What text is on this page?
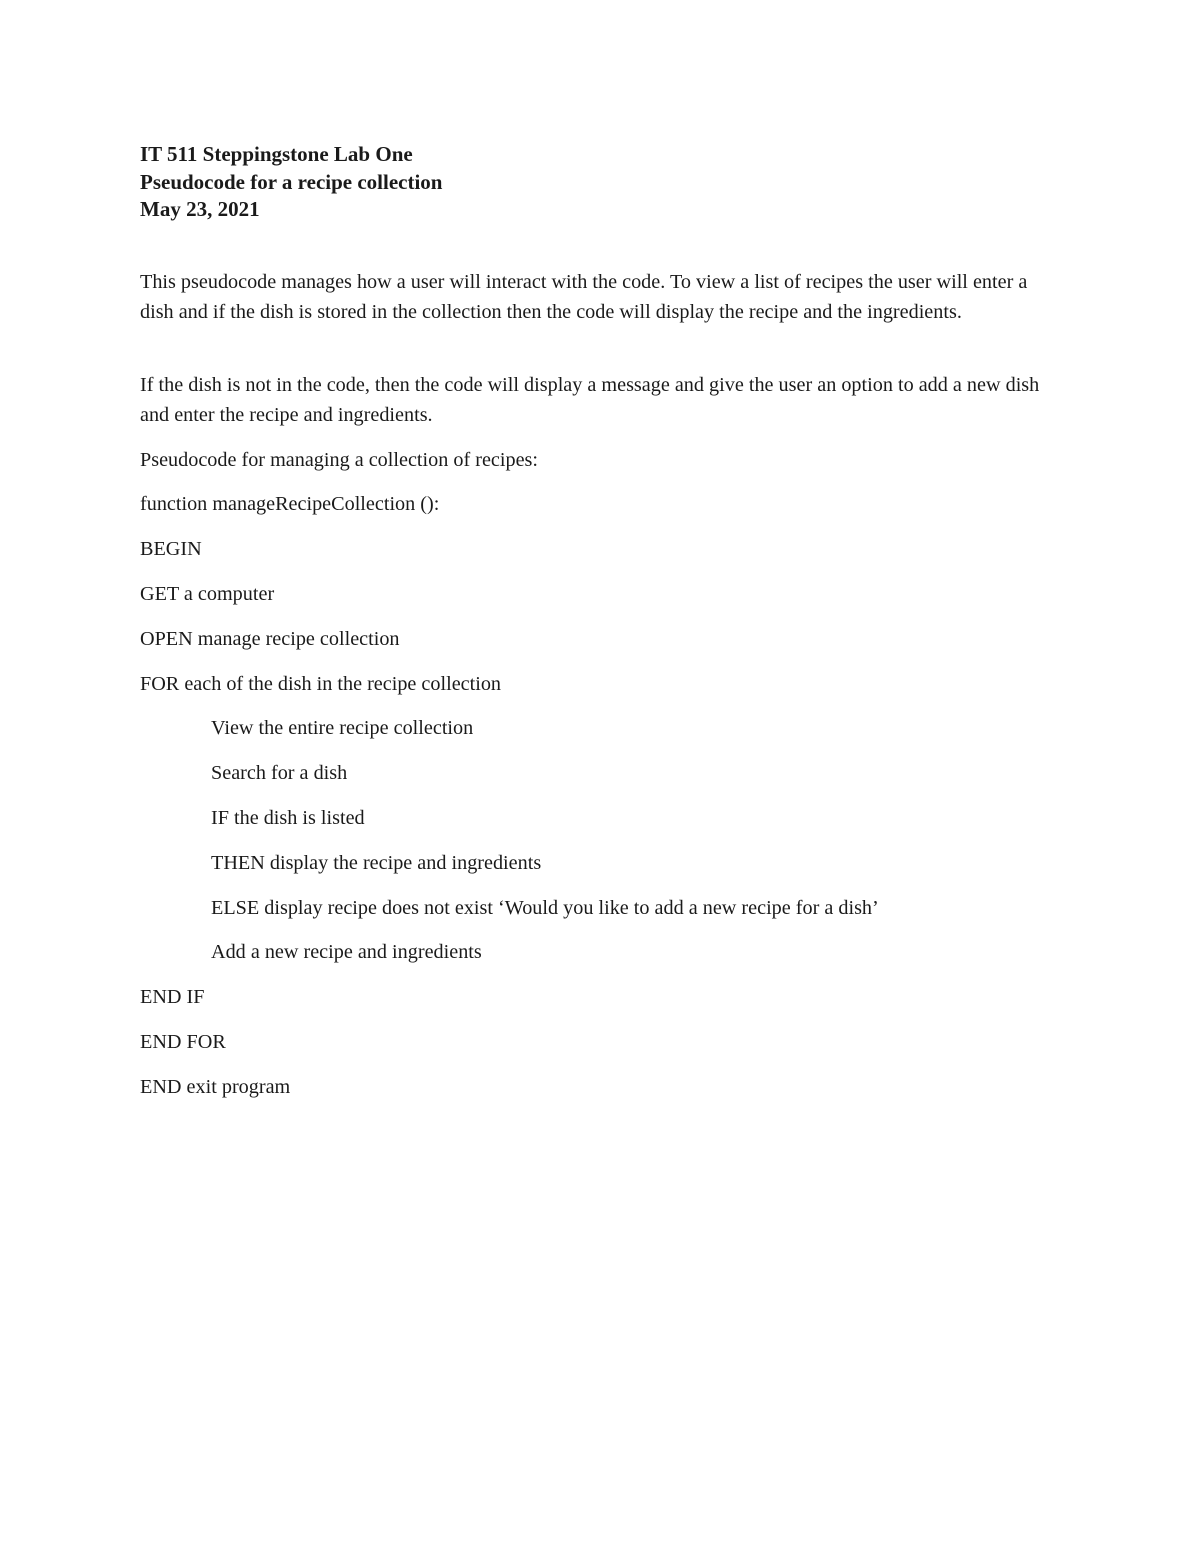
IT 511 Steppingstone Lab One
Pseudocode for a recipe collection
May 23, 2021

This pseudocode manages how a user will interact with the code. To view a list of recipes the user will enter a dish and if the dish is stored in the collection then the code will display the recipe and the ingredients.

If the dish is not in the code, then the code will display a message and give the user an option to add a new dish and enter the recipe and ingredients.

Pseudocode for managing a collection of recipes:
function manageRecipeCollection ():
BEGIN
GET a computer
OPEN manage recipe collection
FOR each of the dish in the recipe collection
View the entire recipe collection
Search for a dish
IF the dish is listed
THEN display the recipe and ingredients
ELSE display recipe does not exist ‘Would you like to add a new recipe for a dish’
Add a new recipe and ingredients
END IF
END FOR
END exit program
